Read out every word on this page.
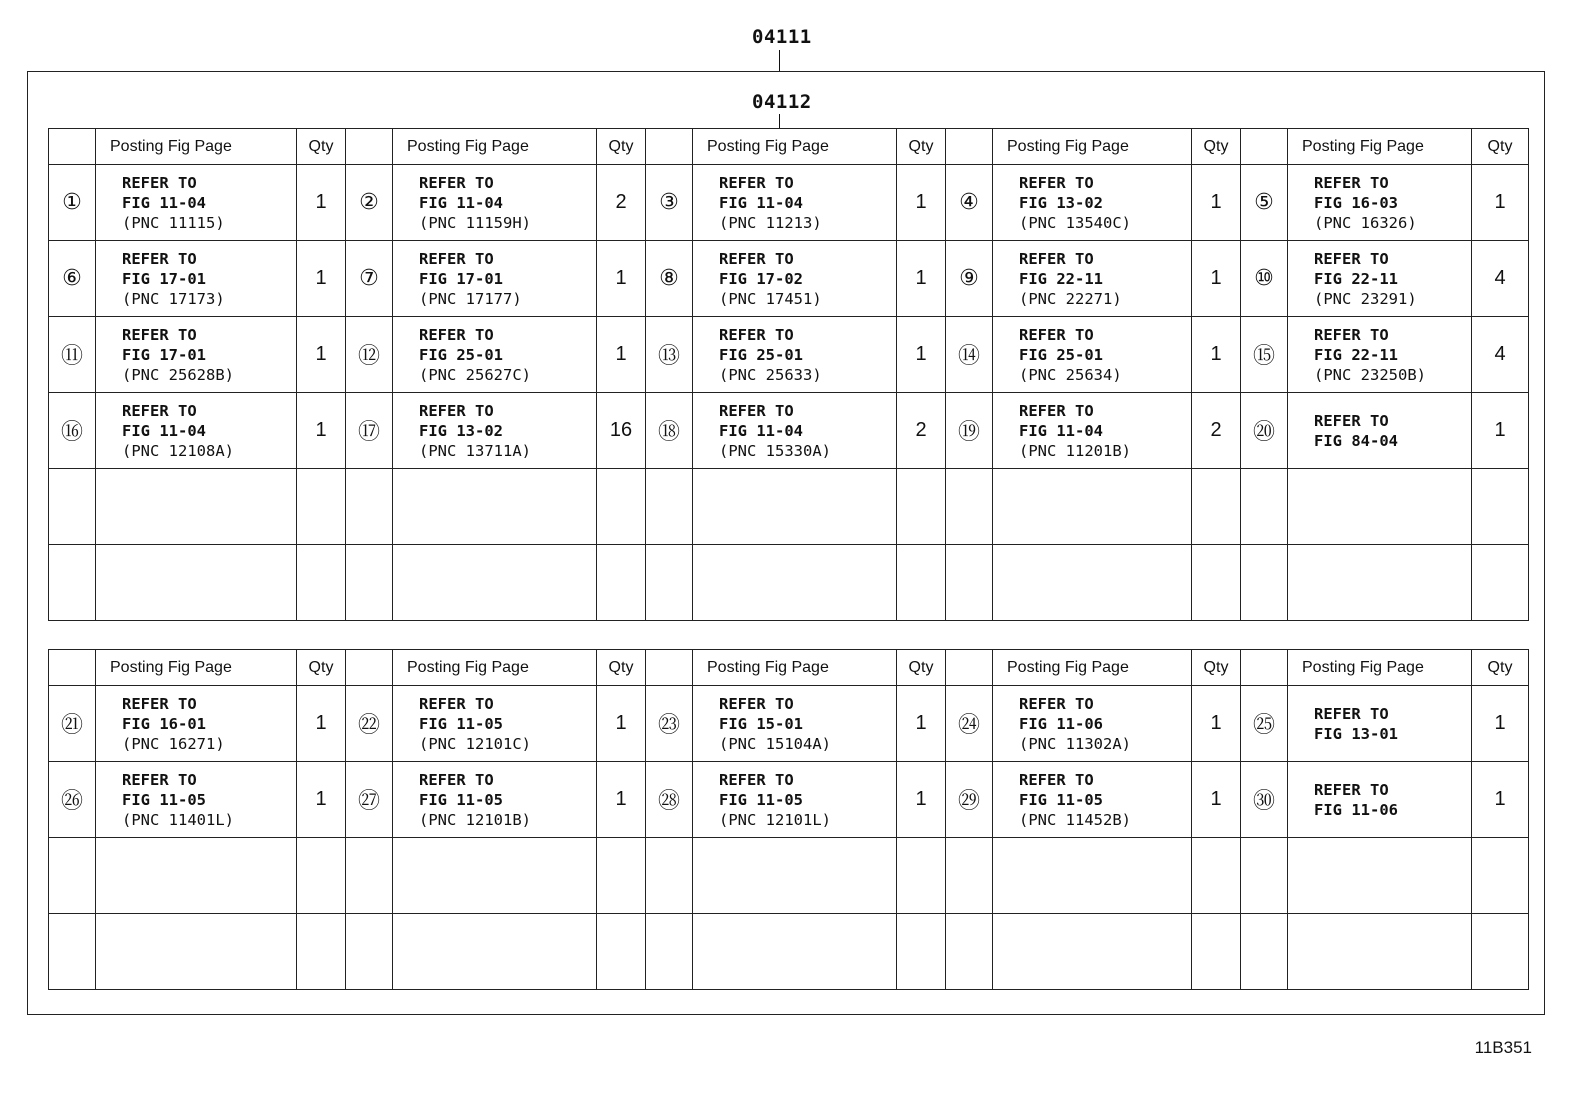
04111
04112
	Posting Fig Page	Qty		Posting Fig Page	Qty		Posting Fig Page	Qty		Posting Fig Page	Qty		Posting Fig Page	Qty
①	REFER TO
FIG 11-04
(PNC 11115)	1	②	REFER TO
FIG 11-04
(PNC 11159H)	2	③	REFER TO
FIG 11-04
(PNC 11213)	1	④	REFER TO
FIG 13-02
(PNC 13540C)	1	⑤	REFER TO
FIG 16-03
(PNC 16326)	1
⑥	REFER TO
FIG 17-01
(PNC 17173)	1	⑦	REFER TO
FIG 17-01
(PNC 17177)	1	⑧	REFER TO
FIG 17-02
(PNC 17451)	1	⑨	REFER TO
FIG 22-11
(PNC 22271)	1	⑩	REFER TO
FIG 22-11
(PNC 23291)	4
⑪	REFER TO
FIG 17-01
(PNC 25628B)	1	⑫	REFER TO
FIG 25-01
(PNC 25627C)	1	⑬	REFER TO
FIG 25-01
(PNC 25633)	1	⑭	REFER TO
FIG 25-01
(PNC 25634)	1	⑮	REFER TO
FIG 22-11
(PNC 23250B)	4
⑯	REFER TO
FIG 11-04
(PNC 12108A)	1	⑰	REFER TO
FIG 13-02
(PNC 13711A)	16	⑱	REFER TO
FIG 11-04
(PNC 15330A)	2	⑲	REFER TO
FIG 11-04
(PNC 11201B)	2	⑳	REFER TO
FIG 84-04	1

	Posting Fig Page	Qty		Posting Fig Page	Qty		Posting Fig Page	Qty		Posting Fig Page	Qty		Posting Fig Page	Qty
㉑	REFER TO
FIG 16-01
(PNC 16271)	1	㉒	REFER TO
FIG 11-05
(PNC 12101C)	1	㉓	REFER TO
FIG 15-01
(PNC 15104A)	1	㉔	REFER TO
FIG 11-06
(PNC 11302A)	1	㉕	REFER TO
FIG 13-01	1
㉖	REFER TO
FIG 11-05
(PNC 11401L)	1	㉗	REFER TO
FIG 11-05
(PNC 12101B)	1	㉘	REFER TO
FIG 11-05
(PNC 12101L)	1	㉙	REFER TO
FIG 11-05
(PNC 11452B)	1	㉚	REFER TO
FIG 11-06	1

11B351
